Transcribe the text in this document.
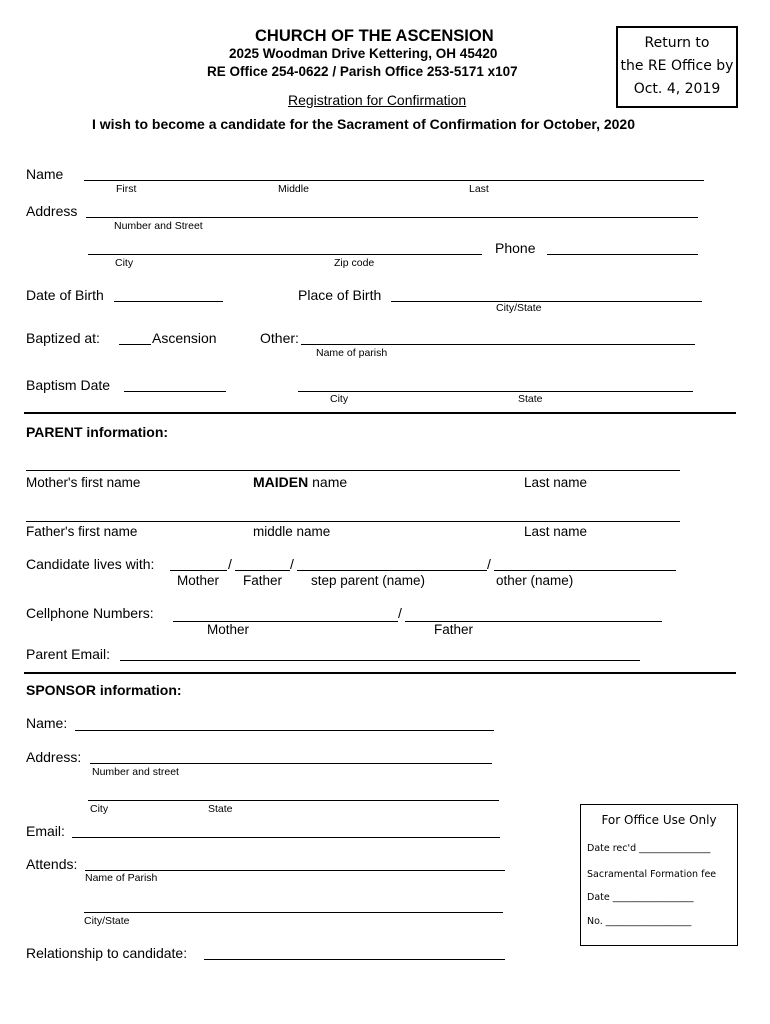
CHURCH OF THE ASCENSION
2025 Woodman Drive Kettering, OH 45420
RE Office 254-0622 / Parish Office 253-5171 x107
Registration for Confirmation
I wish to become a candidate for the Sacrament of Confirmation for October, 2020
Return to
the RE Office by
Oct. 4, 2019
Name
First	Middle	Last
Address
Number and Street
City	Zip code
Phone
Date of Birth	Place of Birth
City/State
Baptized at:	Ascension	Other:
Name of parish
Baptism Date
City	State
PARENT information:
Mother's first name	MAIDEN name	Last name
Father's first name	middle name	Last name
Candidate lives with:	/	/	/
Mother Father step parent (name)	other (name)
Cellphone Numbers:	/
Mother	Father
Parent Email:
SPONSOR information:
Name:
Address:
Number and street
City	State
Email:
Attends:
Name of Parish
City/State
Relationship to candidate:
For Office Use Only
Date rec'd _______________
Sacramental Formation fee
Date _________________
No. __________________
